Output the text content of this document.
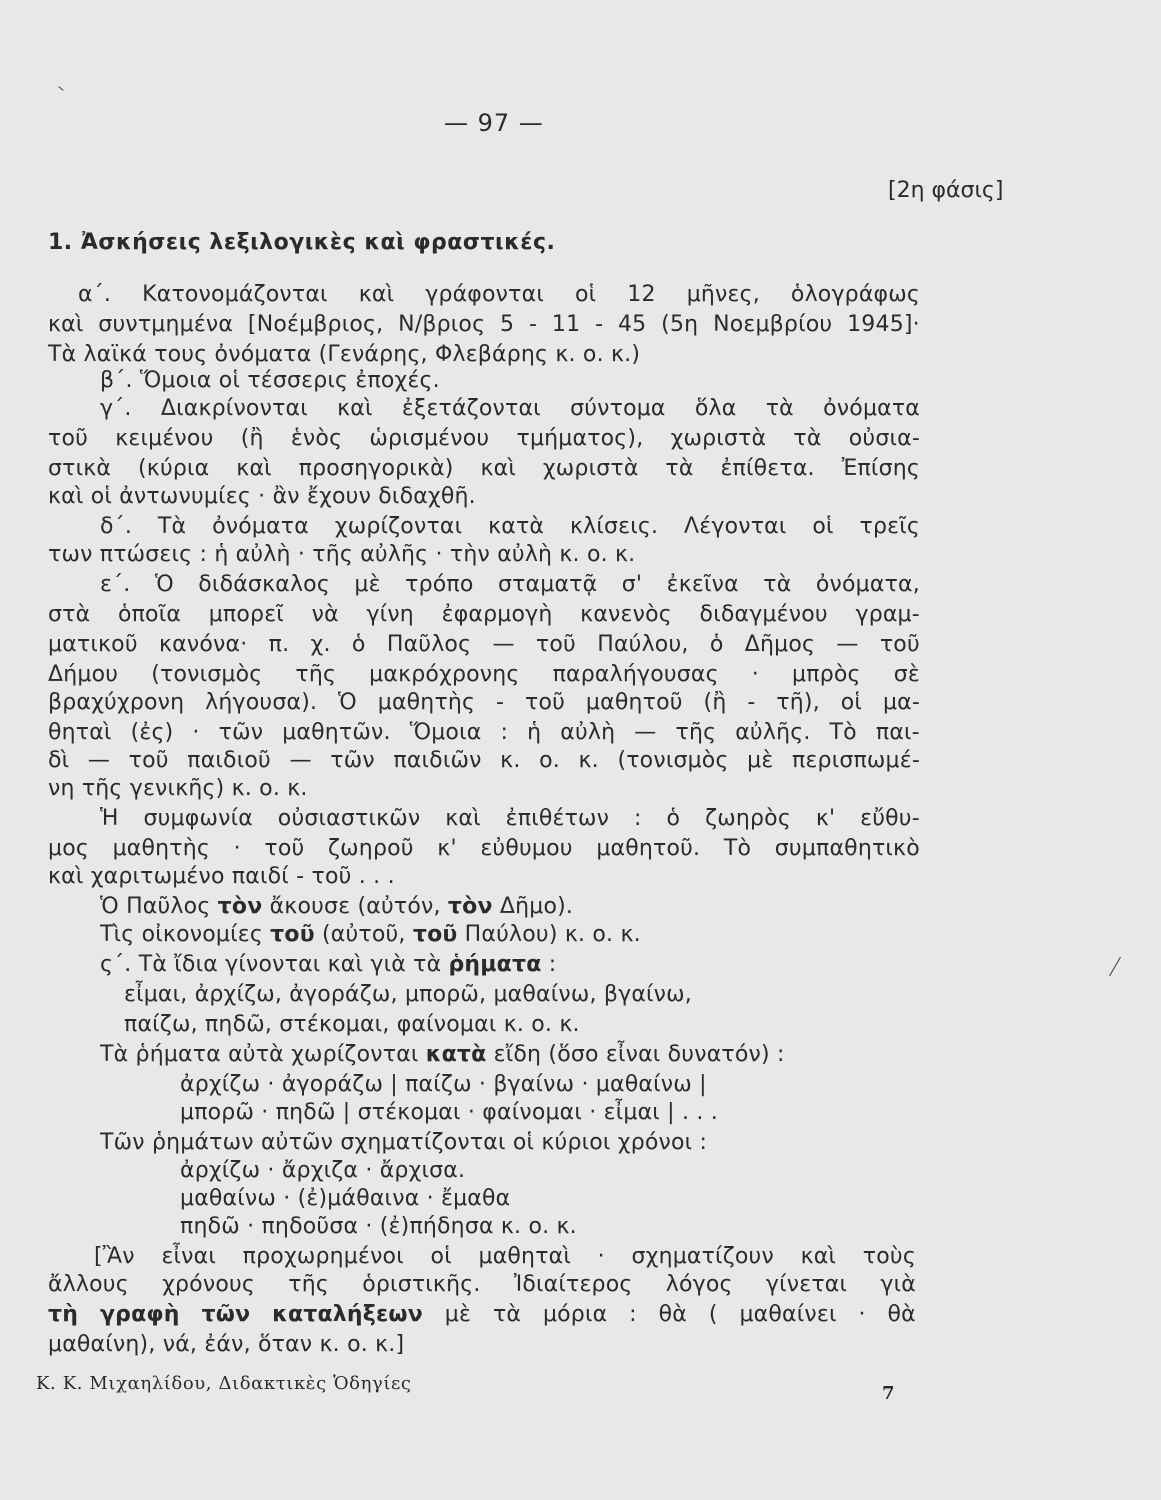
— 97 —
[2η φάσις]
1. Ἀσκήσεις λεξιλογικὲς καὶ φραστικές.
α΄. Κατονομάζονται καὶ γράφονται οἱ 12 μῆνες, ὁλογράφως
καὶ συντμημένα [Νοέμβριος, Ν/βριος 5 - 11 - 45 (5η Νοεμβρίου 1945]·
Τὰ λαϊκά τους ὀνόματα (Γενάρης, Φλεβάρης κ. ο. κ.)
β΄. Ὅμοια οἱ τέσσερις ἐποχές.
γ΄. Διακρίνονται καὶ ἐξετάζονται σύντομα ὅλα τὰ ὀνόματα
τοῦ κειμένου (ἢ ἑνὸς ὡρισμένου τμήματος), χωριστὰ τὰ οὐσια-
στικὰ (κύρια καὶ προσηγορικὰ) καὶ χωριστὰ τὰ ἐπίθετα. Ἐπίσης
καὶ οἱ ἀντωνυμίες · ἂν ἔχουν διδαχθῆ.
δ΄. Τὰ ὀνόματα χωρίζονται κατὰ κλίσεις. Λέγονται οἱ τρεῖς
των πτώσεις : ἡ αὐλὴ · τῆς αὐλῆς · τὴν αὐλὴ κ. ο. κ.
ε΄. Ὁ διδάσκαλος μὲ τρόπο σταματᾷ σ' ἐκεῖνα τὰ ὀνόματα,
στὰ ὁποῖα μπορεῖ νὰ γίνη ἐφαρμογὴ κανενὸς διδαγμένου γραμ-
ματικοῦ κανόνα· π. χ. ὁ Παῦλος — τοῦ Παύλου, ὁ Δῆμος — τοῦ
Δήμου (τονισμὸς τῆς μακρόχρονης παραλήγουσας · μπρὸς σὲ
βραχύχρονη λήγουσα). Ὁ μαθητὴς - τοῦ μαθητοῦ (ἢ - τῆ), οἱ μα-
θηταὶ (ἐς) · τῶν μαθητῶν. Ὅμοια : ἡ αὐλὴ — τῆς αὐλῆς. Τὸ παι-
δὶ — τοῦ παιδιοῦ — τῶν παιδιῶν κ. ο. κ. (τονισμὸς μὲ περισπωμέ-
νη τῆς γενικῆς) κ. ο. κ.
Ἡ συμφωνία οὐσιαστικῶν καὶ ἐπιθέτων : ὁ ζωηρὸς κ' εὔθυ-
μος μαθητὴς · τοῦ ζωηροῦ κ' εὐθυμου μαθητοῦ. Τὸ συμπαθητικὸ
καὶ χαριτωμένο παιδί - τοῦ . . .
Ὁ Παῦλος τὸν ἄκουσε (αὐτόν, τὸν Δῆμο).
Τὶς οἰκονομίες τοῦ (αὐτοῦ, τοῦ Παύλου) κ. ο. κ.
ς΄. Τὰ ἴδια γίνονται καὶ γιὰ τὰ ῥήματα :
εἶμαι, ἀρχίζω, ἀγοράζω, μπορῶ, μαθαίνω, βγαίνω,
παίζω, πηδῶ, στέκομαι, φαίνομαι κ. ο. κ.
Τὰ ῥήματα αὐτὰ χωρίζονται κατὰ εἴδη (ὅσο εἶναι δυνατόν) :
ἀρχίζω · ἀγοράζω | παίζω · βγαίνω · μαθαίνω |
μπορῶ · πηδῶ | στέκομαι · φαίνομαι · εἶμαι | . . .
Τῶν ῥημάτων αὐτῶν σχηματίζονται οἱ κύριοι χρόνοι :
ἀρχίζω · ἄρχιζα · ἄρχισα.
μαθαίνω · (ἐ)μάθαινα · ἔμαθα
πηδῶ · πηδοῦσα · (ἐ)πήδησα κ. ο. κ.
[Ἂν εἶναι προχωρημένοι οἱ μαθηταὶ · σχηματίζουν καὶ τοὺς
ἄλλους χρόνους τῆς ὁριστικῆς. Ἰδιαίτερος λόγος γίνεται γιὰ
τὴ γραφὴ τῶν καταλήξεων μὲ τὰ μόρια : θὰ ( μαθαίνει · θὰ
μαθαίνη), νά, ἐάν, ὅταν κ. ο. κ.]
Κ. Κ. Μιχαηλίδου, Διδακτικὲς Ὁδηγίες	7
